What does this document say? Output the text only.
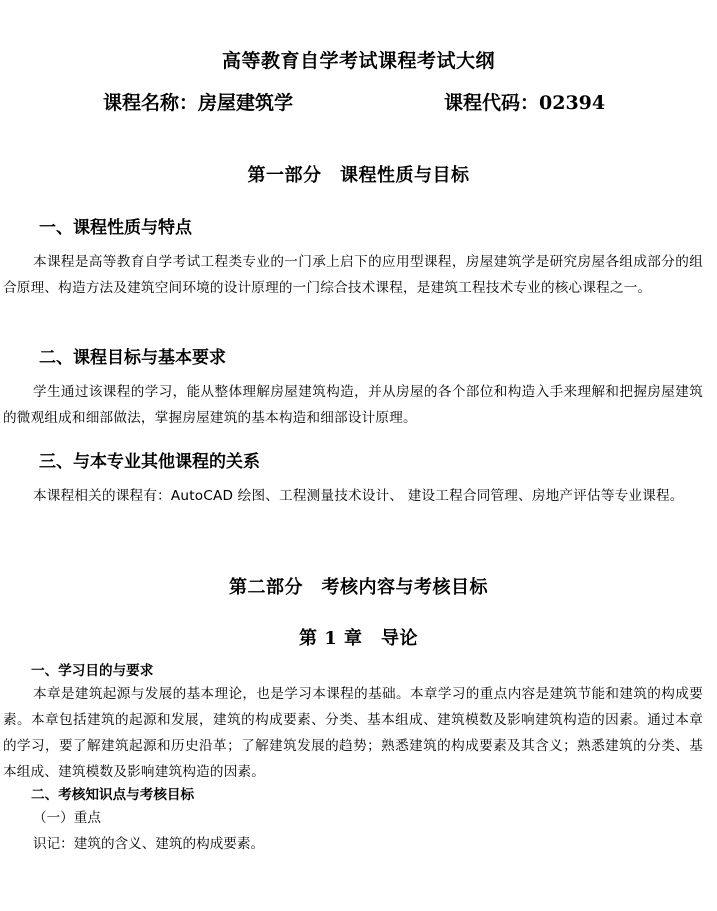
高等教育自学考试课程考试大纲
课程名称：房屋建筑学	课程代码：02394
第一部分　课程性质与目标
一、课程性质与特点
本课程是高等教育自学考试工程类专业的一门承上启下的应用型课程，房屋建筑学是研究房屋各组成部分的组合原理、构造方法及建筑空间环境的设计原理的一门综合技术课程，是建筑工程技术专业的核心课程之一。
二、课程目标与基本要求
学生通过该课程的学习，能从整体理解房屋建筑构造，并从房屋的各个部位和构造入手来理解和把握房屋建筑的微观组成和细部做法，掌握房屋建筑的基本构造和细部设计原理。
三、与本专业其他课程的关系
本课程相关的课程有：AutoCAD 绘图、工程测量技术设计、 建设工程合同管理、房地产评估等专业课程。
第二部分　考核内容与考核目标
第 1 章　导论
一、学习目的与要求
本章是建筑起源与发展的基本理论，也是学习本课程的基础。本章学习的重点内容是建筑节能和建筑的构成要素。本章包括建筑的起源和发展，建筑的构成要素、分类、基本组成、建筑模数及影响建筑构造的因素。通过本章的学习，要了解建筑起源和历史沿革；了解建筑发展的趋势；熟悉建筑的构成要素及其含义；熟悉建筑的分类、基本组成、建筑模数及影响建筑构造的因素。
二、考核知识点与考核目标
（一）重点
识记：建筑的含义、建筑的构成要素。
